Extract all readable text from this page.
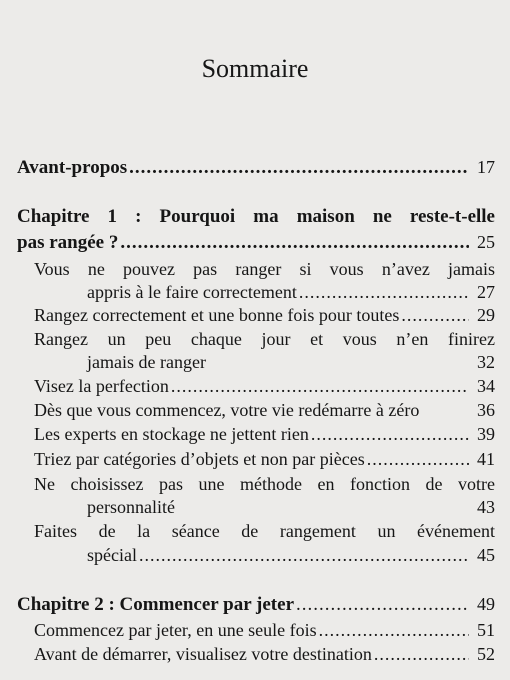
Sommaire
Avant-propos .....	17
Chapitre 1 : Pourquoi ma maison ne reste-t-elle
pas rangée ? .....	25
Vous ne pouvez pas ranger si vous n’avez jamais
appris à le faire correctement .....	27
Rangez correctement et une bonne fois pour toutes .....	29
Rangez un peu chaque jour et vous n’en finirez
jamais de ranger	32
Visez la perfection .....	34
Dès que vous commencez, votre vie redémarre à zéro	36
Les experts en stockage ne jettent rien .....	39
Triez par catégories d’objets et non par pièces .....	41
Ne choisissez pas une méthode en fonction de votre
personnalité	43
Faites de la séance de rangement un événement
spécial .....	45
Chapitre 2 : Commencer par jeter .....	49
Commencez par jeter, en une seule fois .....	51
Avant de démarrer, visualisez votre destination .....	52
